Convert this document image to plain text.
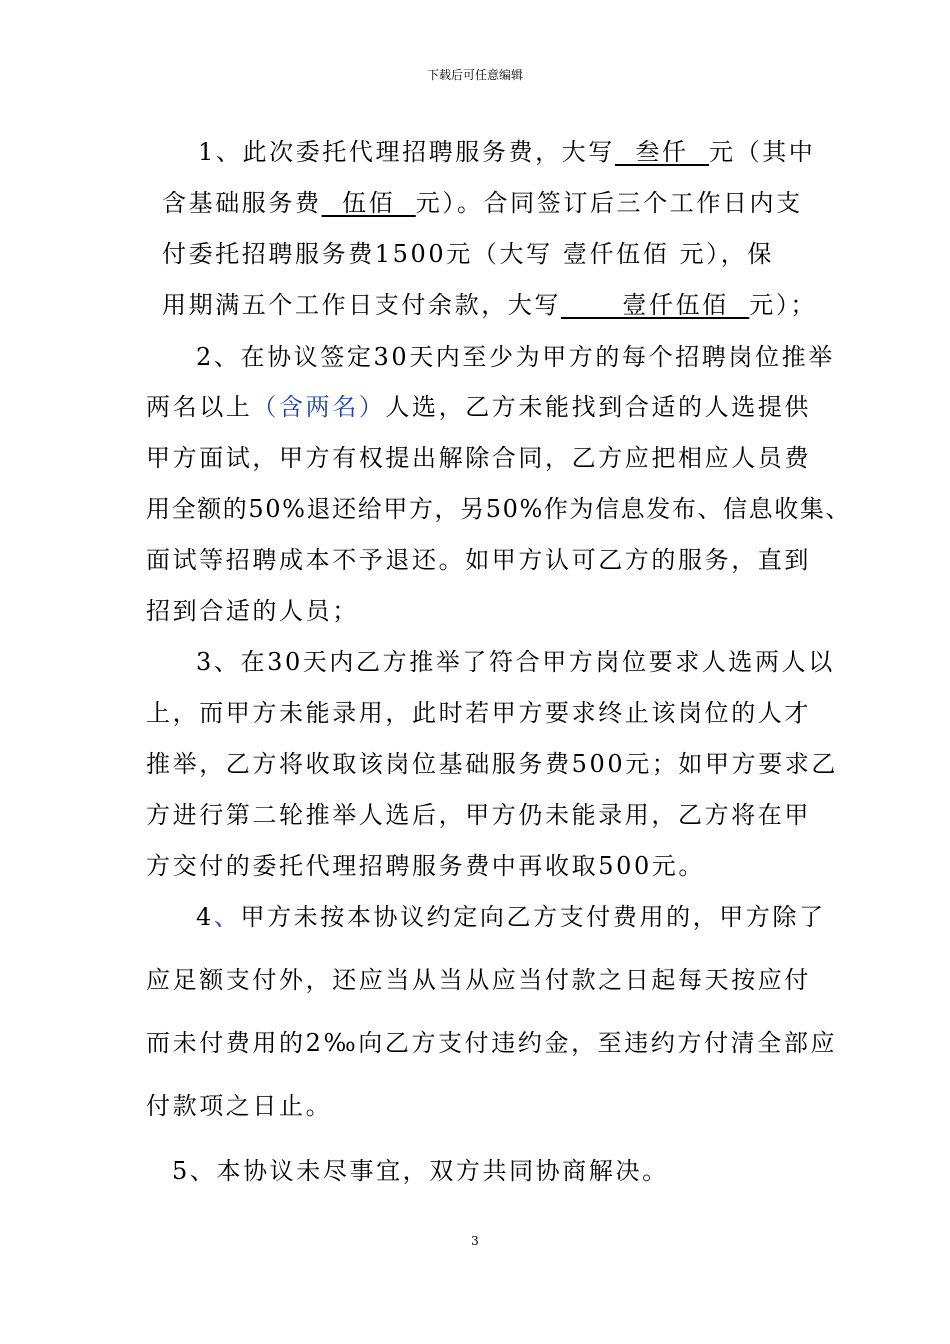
下载后可任意编辑
1、此次委托代理招聘服务费，大写  叁仟  元（其中
含基础服务费  伍佰  元）。合同签订后三个工作日内支
付委托招聘服务费1500元（大写 壹仟伍佰 元），保
用期满五个工作日支付余款，大写      壹仟伍佰  元）；
2、在协议签定30天内至少为甲方的每个招聘岗位推举
两名以上（含两名）人选，乙方未能找到合适的人选提供
甲方面试，甲方有权提出解除合同，乙方应把相应人员费
用全额的50%退还给甲方，另50%作为信息发布、信息收集、
面试等招聘成本不予退还。如甲方认可乙方的服务，直到
招到合适的人员；
3、在30天内乙方推举了符合甲方岗位要求人选两人以
上，而甲方未能录用，此时若甲方要求终止该岗位的人才
推举，乙方将收取该岗位基础服务费500元；如甲方要求乙
方进行第二轮推举人选后，甲方仍未能录用，乙方将在甲
方交付的委托代理招聘服务费中再收取500元。
4、甲方未按本协议约定向乙方支付费用的，甲方除了
应足额支付外，还应当从当从应当付款之日起每天按应付
而未付费用的2‰向乙方支付违约金，至违约方付清全部应
付款项之日止。
5、本协议未尽事宜，双方共同协商解决。
3
